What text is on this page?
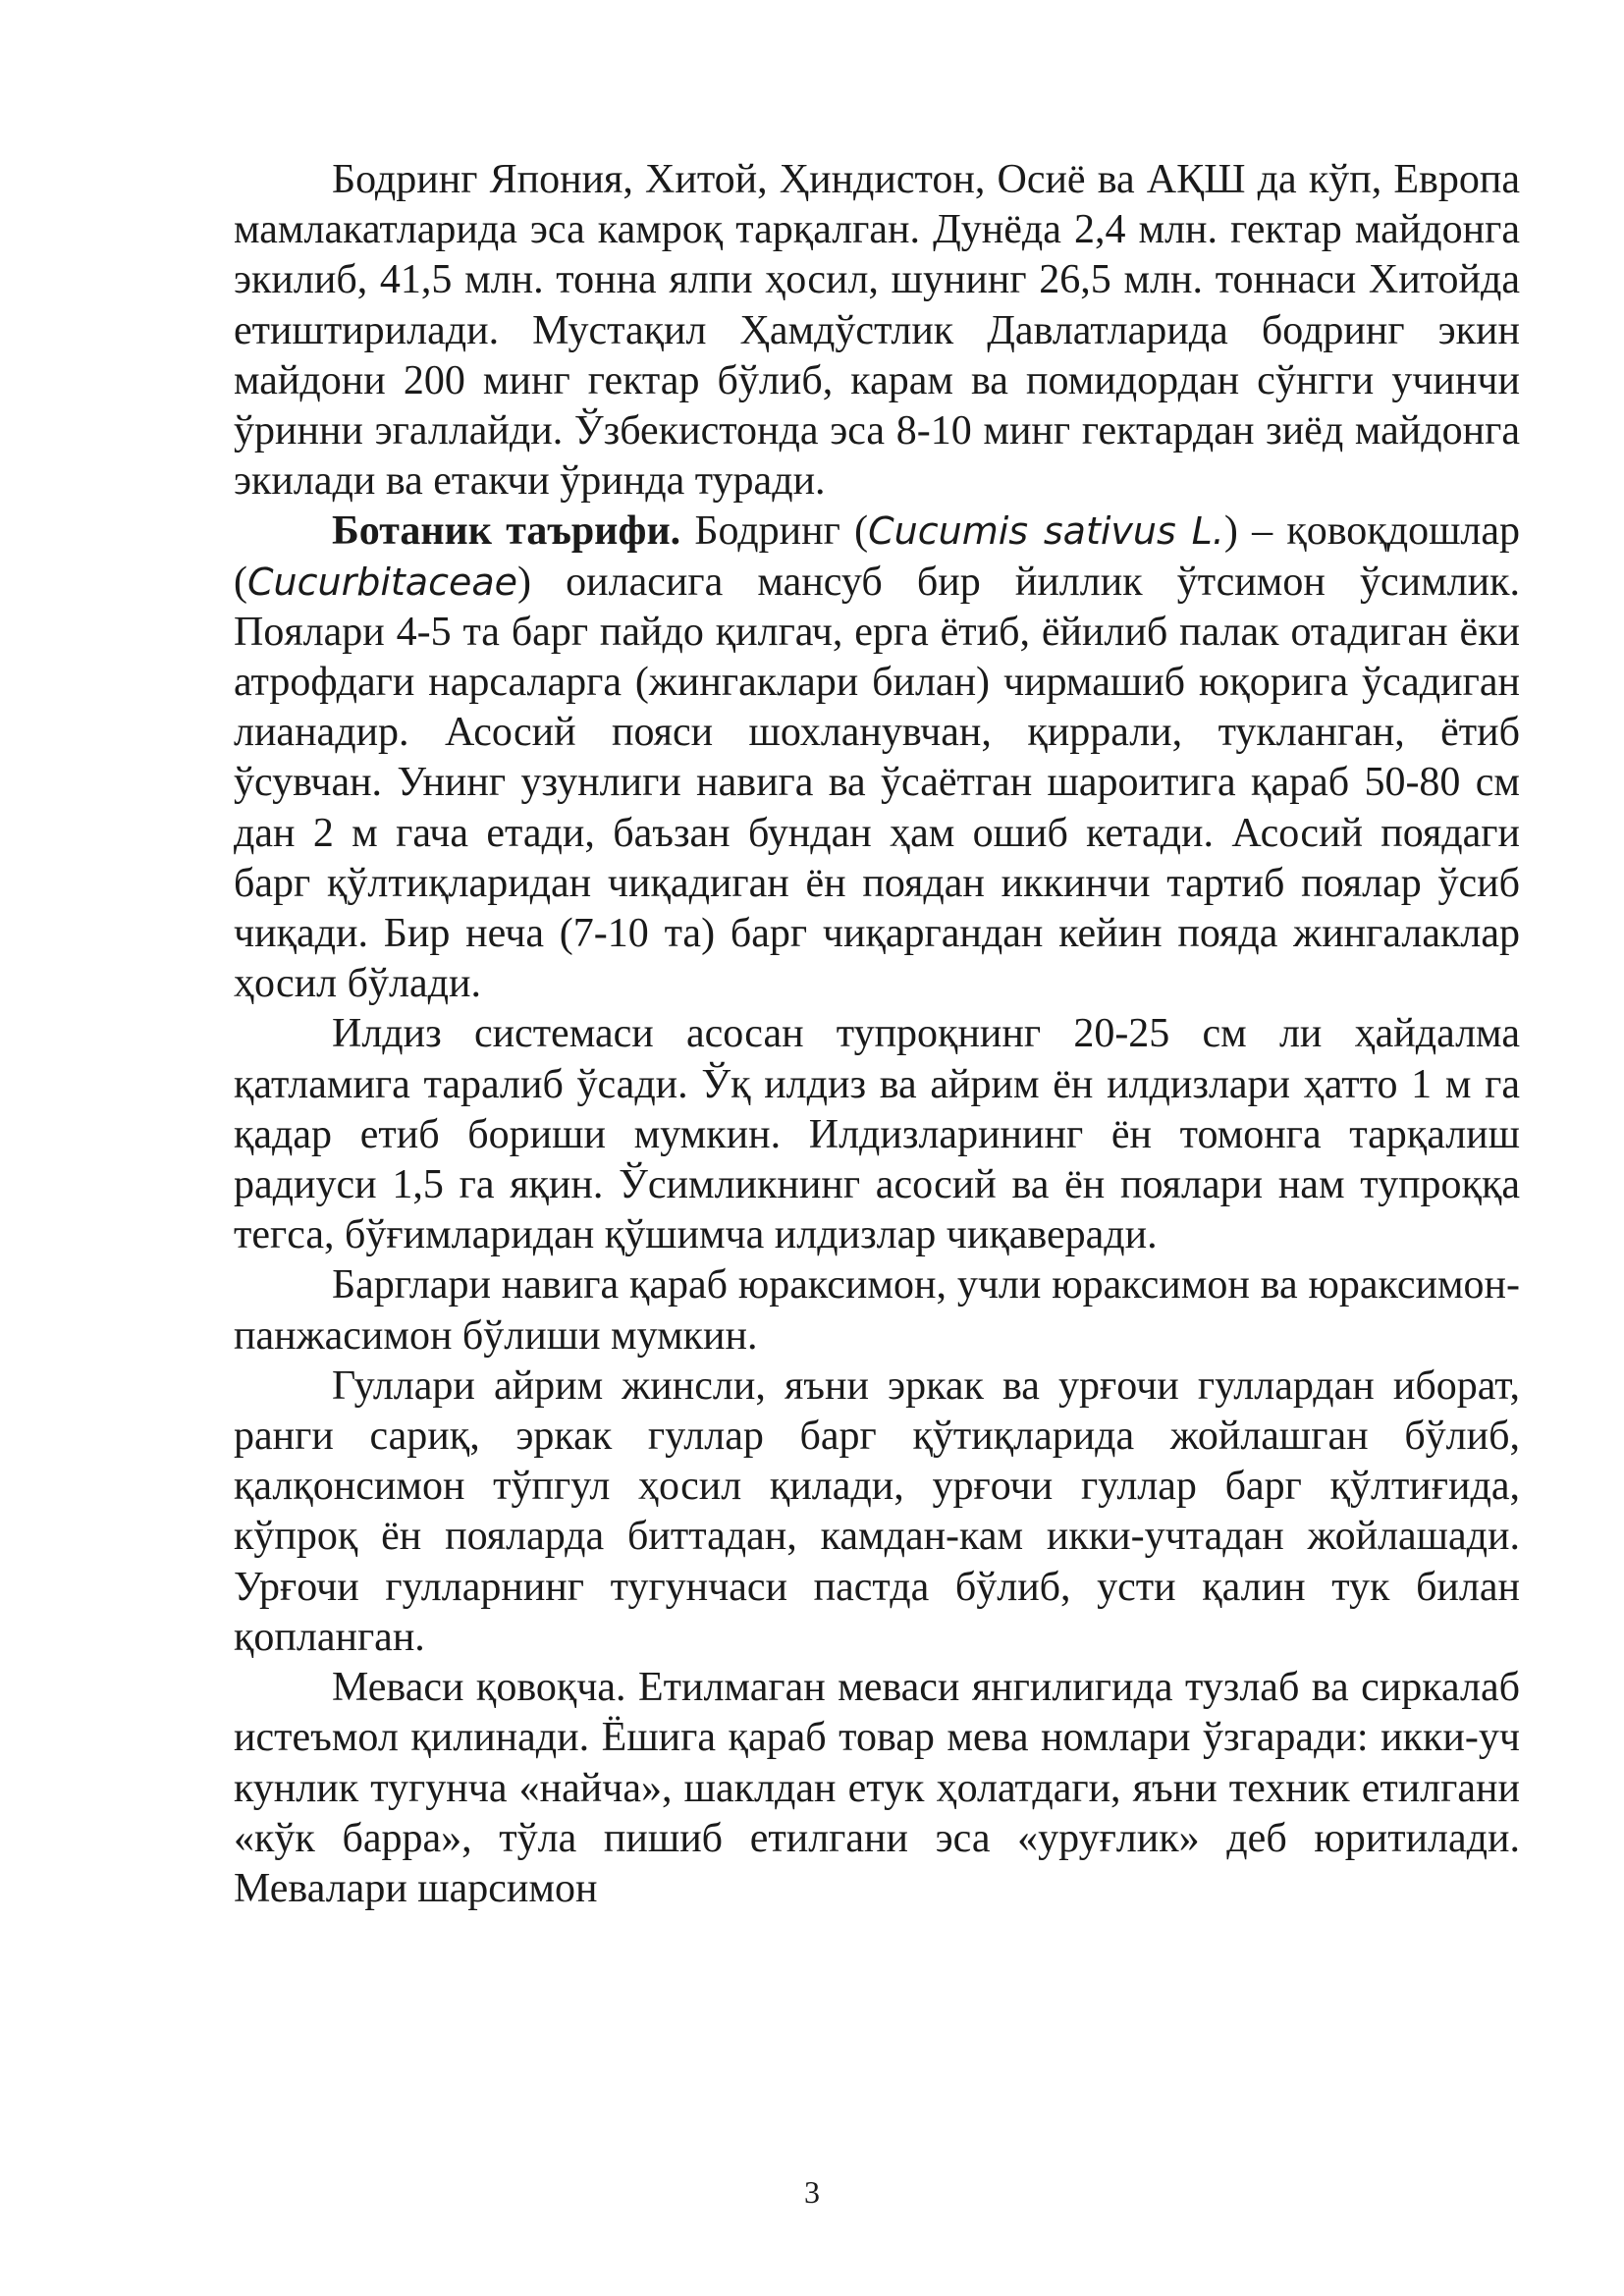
Бодринг Япония, Хитой, Ҳиндистон, Осиё ва АҚШ да кўп, Европа мамлакатларида эса камроқ тарқалган. Дунёда 2,4 млн. гектар майдонга экилиб, 41,5 млн. тонна ялпи ҳосил, шунинг 26,5 млн. тоннаси Хитойда етиштирилади. Мустақил Ҳамдўстлик Давлатларида бодринг экин майдони 200 минг гектар бўлиб, карам ва помидордан сўнгги учинчи ўринни эгаллайди. Ўзбекистонда эса 8-10 минг гектардан зиёд майдонга экилади ва етакчи ўринда туради.

Ботаник таърифи. Бодринг (Cucumis sativus L.) – қовоқдошлар (Cucurbitaceae) оиласига мансуб бир йиллик ўтсимон ўсимлик. Пoялари 4-5 та барг пайдо қилгач, ерга ётиб, ёйилиб палак отадиган ёки атрофдаги нарсаларга (жингаклари билан) чирмашиб юқорига ўсадиган лианадир. Асосий пояси шохланувчан, қиррали, тукланган, ётиб ўсувчан. Унинг узунлиги навига ва ўсаётган шароитига қараб 50-80 см дан 2 м гача етади, баъзан бундан ҳам ошиб кетади. Асосий поядаги барг қўлтиқларидан чиқадиган ён поядан иккинчи тартиб поялар ўсиб чиқади. Бир неча (7-10 та) барг чиқаргандан кейин пояда жингалаклар ҳосил бўлади.

Илдиз системаси асосан тупроқнинг 20-25 см ли ҳайдалма қатламига таралиб ўсади. Ўқ илдиз ва айрим ён илдизлари ҳатто 1 м га қадар етиб бориши мумкин. Илдизларининг ён томонга тарқалиш радиуси 1,5 га яқин. Ўсимликнинг асосий ва ён поялари нам тупроққа тегса, бўғимларидан қўшимча илдизлар чиқаверади.

Барглари навига қараб юраксимон, учли юраксимон ва юраксимон-панжасимон бўлиши мумкин.

Гуллари айрим жинсли, яъни эркак ва урғочи гуллардан иборат, ранги сариқ, эркак гуллар барг қўтиқларида жойлашган бўлиб, қалқонсимон тўпгул ҳосил қилади, урғочи гуллар барг қўлтиғида, кўпроқ ён пояларда биттадан, камдан-кам икки-учтадан жойлашади. Урғочи гулларнинг тугунчаси пастда бўлиб, усти қалин тук билан қопланган.

Меваси қовоқча. Етилмаган меваси янгилигида тузлаб ва сиркалаб истеъмол қилинади. Ёшига қараб товар мева номлари ўзгаради: икки-уч кунлик тугунча «найча», шаклдан етук ҳолатдаги, яъни техник етилгани «кўк барра», тўла пишиб етилгани эса «уруғлик» деб юритилади. Мевалари шарсимон

3
